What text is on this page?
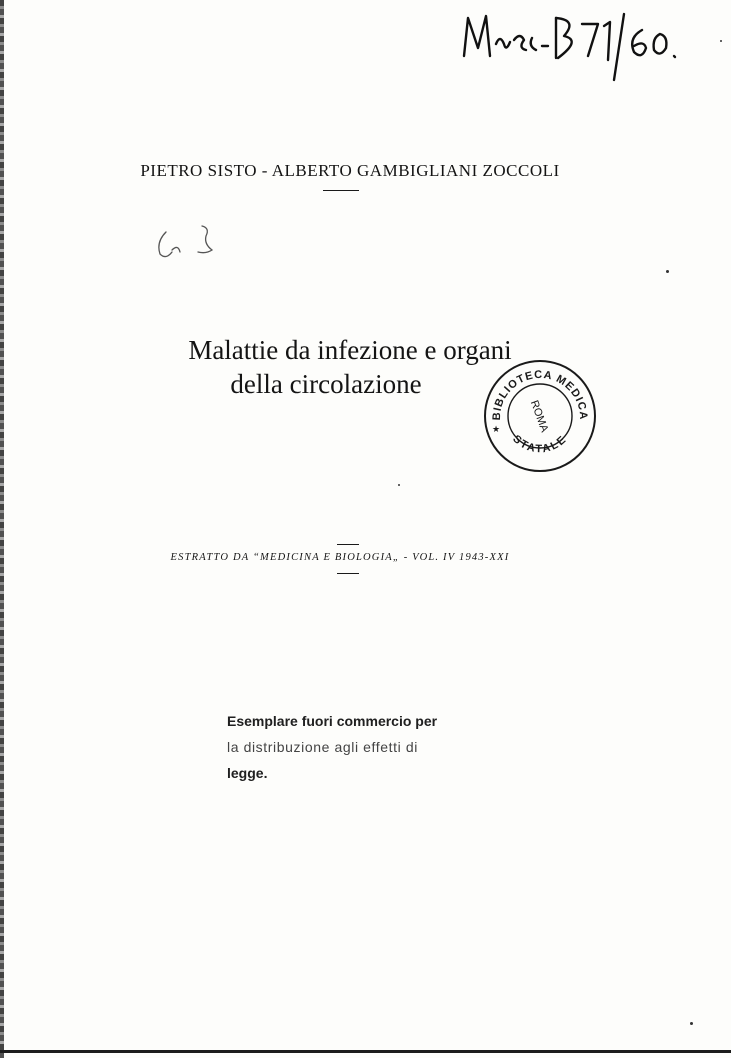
PIETRO SISTO - ALBERTO GAMBIGLIANI ZOCCOLI
Malattie da infezione e organi
della circolazione
BIBLIOTECA MEDICA
STATALE
ROMA
★
ESTRATTO DA “MEDICINA E BIOLOGIA„ - VOL. IV 1943-XXI
Esemplare fuori commercio per
la distribuzione agli effetti di
legge.
